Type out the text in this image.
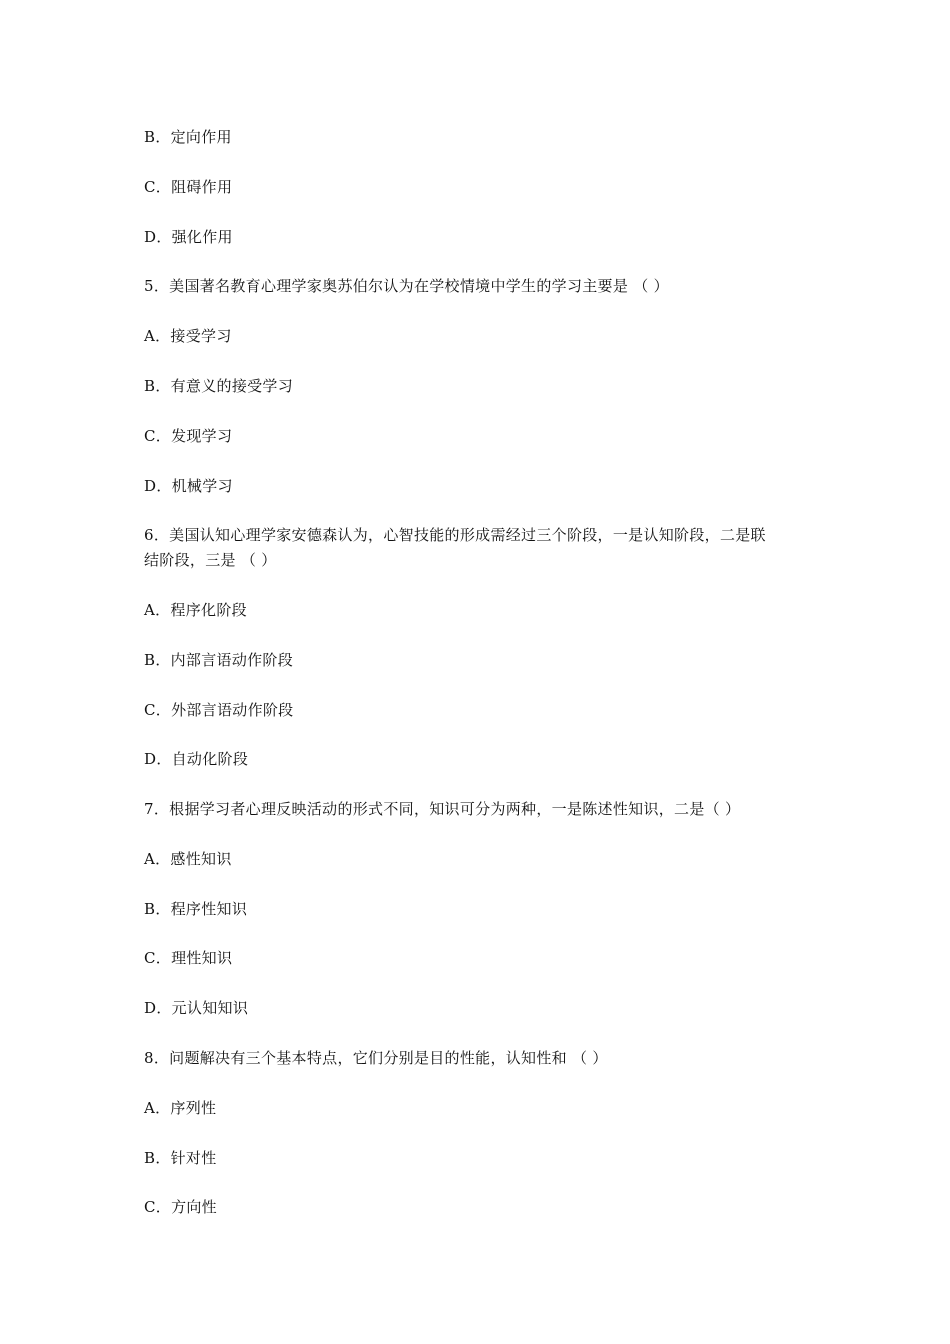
B．定向作用
C．阻碍作用
D．强化作用
5．美国著名教育心理学家奥苏伯尔认为在学校情境中学生的学习主要是 （ ）
A．接受学习
B．有意义的接受学习
C．发现学习
D．机械学习
6．美国认知心理学家安德森认为，心智技能的形成需经过三个阶段，一是认知阶段，二是联
结阶段，三是 （ ）
A．程序化阶段
B．内部言语动作阶段
C．外部言语动作阶段
D．自动化阶段
7．根据学习者心理反映活动的形式不同，知识可分为两种，一是陈述性知识，二是（ ）
A．感性知识
B．程序性知识
C．理性知识
D．元认知知识
8．问题解决有三个基本特点，它们分别是目的性能，认知性和 （ ）
A．序列性
B．针对性
C．方向性
